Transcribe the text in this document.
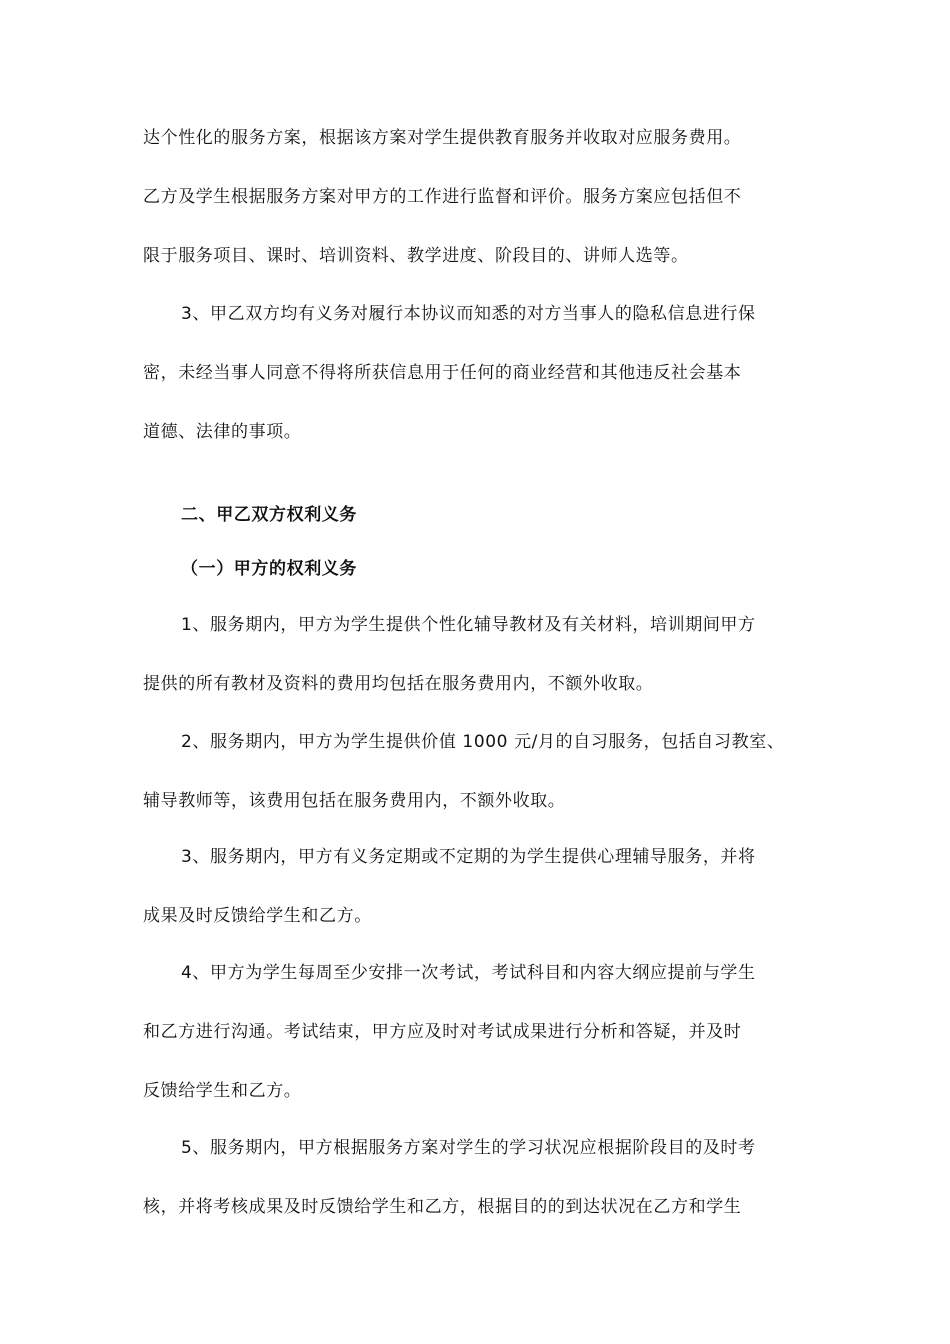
达个性化的服务方案，根据该方案对学生提供教育服务并收取对应服务费用。
乙方及学生根据服务方案对甲方的工作进行监督和评价。服务方案应包括但不
限于服务项目、课时、培训资料、教学进度、阶段目的、讲师人选等。
3、甲乙双方均有义务对履行本协议而知悉的对方当事人的隐私信息进行保
密，未经当事人同意不得将所获信息用于任何的商业经营和其他违反社会基本
道德、法律的事项。
二、甲乙双方权利义务
（一）甲方的权利义务
1、服务期内，甲方为学生提供个性化辅导教材及有关材料，培训期间甲方
提供的所有教材及资料的费用均包括在服务费用内，不额外收取。
2、服务期内，甲方为学生提供价值 1000 元/月的自习服务，包括自习教室、
辅导教师等，该费用包括在服务费用内，不额外收取。
3、服务期内，甲方有义务定期或不定期的为学生提供心理辅导服务，并将
成果及时反馈给学生和乙方。
4、甲方为学生每周至少安排一次考试，考试科目和内容大纲应提前与学生
和乙方进行沟通。考试结束，甲方应及时对考试成果进行分析和答疑，并及时
反馈给学生和乙方。
5、服务期内，甲方根据服务方案对学生的学习状况应根据阶段目的及时考
核，并将考核成果及时反馈给学生和乙方，根据目的的到达状况在乙方和学生
